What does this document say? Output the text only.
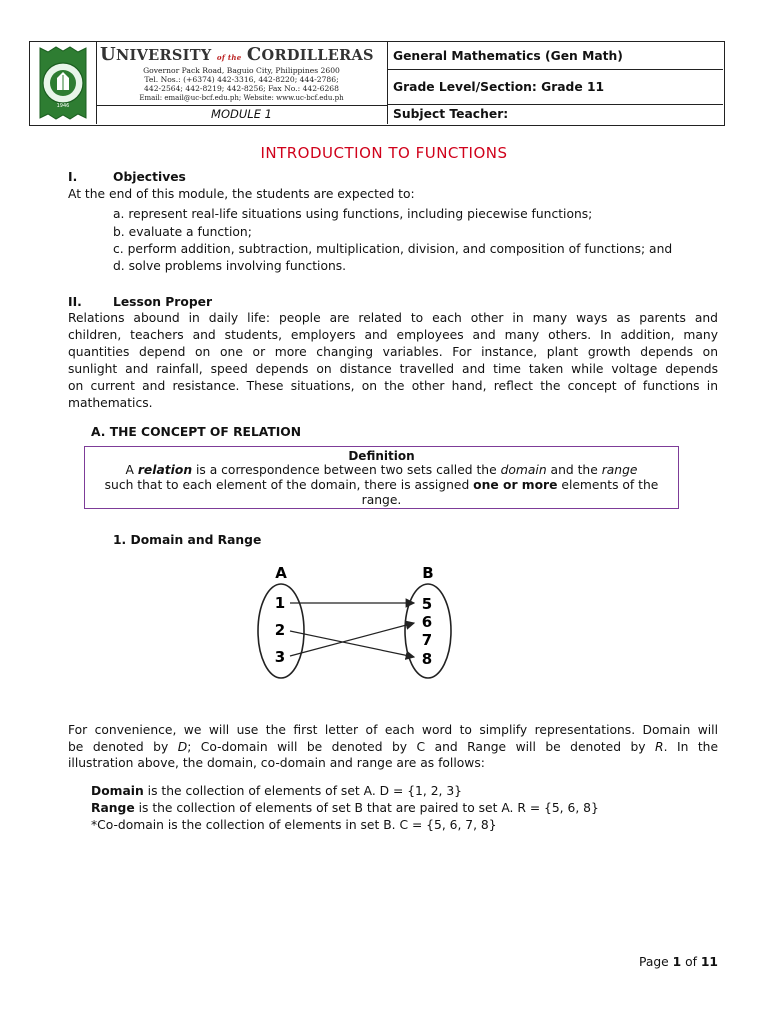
1946
UNIVERSITY of the CORDILLERAS
Governor Pack Road, Baguio City, Philippines 2600
Tel. Nos.: (+6374) 442-3316, 442-8220; 444-2786;
442-2564; 442-8219; 442-8256; Fax No.: 442-6268
Email: email@uc-bcf.edu.ph; Website: www.uc-bcf.edu.ph
MODULE 1
General Mathematics (Gen Math)
Grade Level/Section: Grade 11
Subject Teacher:
INTRODUCTION TO FUNCTIONS
I.	Objectives
At the end of this module, the students are expected to:
a. represent real-life situations using functions, including piecewise functions;
b. evaluate a function;
c. perform addition, subtraction, multiplication, division, and composition of functions; and
d. solve problems involving functions.
II.	Lesson Proper
Relations abound in daily life: people are related to each other in many ways as parents and
children, teachers and students, employers and employees and many others. In addition, many
quantities depend on one or more changing variables. For instance, plant growth depends on
sunlight and rainfall, speed depends on distance travelled and time taken while voltage depends
on current and resistance. These situations, on the other hand, reflect the concept of functions in
mathematics.
A. THE CONCEPT OF RELATION
Definition
A relation is a correspondence between two sets called the domain and the range
such that to each element of the domain, there is assigned one or more elements of the
range.
1. Domain and Range
A	B
1
2
3
5
6
7
8
For convenience, we will use the first letter of each word to simplify representations. Domain will
be denoted by D; Co-domain will be denoted by C and Range will be denoted by R. In the
illustration above, the domain, co-domain and range are as follows:
Domain is the collection of elements of set A. D = {1, 2, 3}
Range is the collection of elements of set B that are paired to set A. R = {5, 6, 8}
*Co-domain is the collection of elements in set B. C = {5, 6, 7, 8}
Page 1 of 11
